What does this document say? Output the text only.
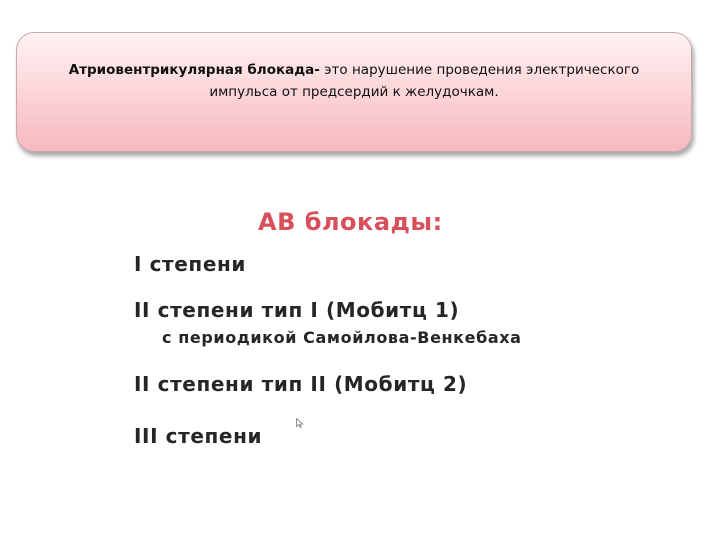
Атриовентрикулярная блокада- это нарушение проведения электрического
импульса от предсердий к желудочкам.
АВ блокады:
I степени
II степени тип I (Мобитц 1)
с периодикой Самойлова-Венкебаха
II степени тип II (Мобитц 2)
III степени
